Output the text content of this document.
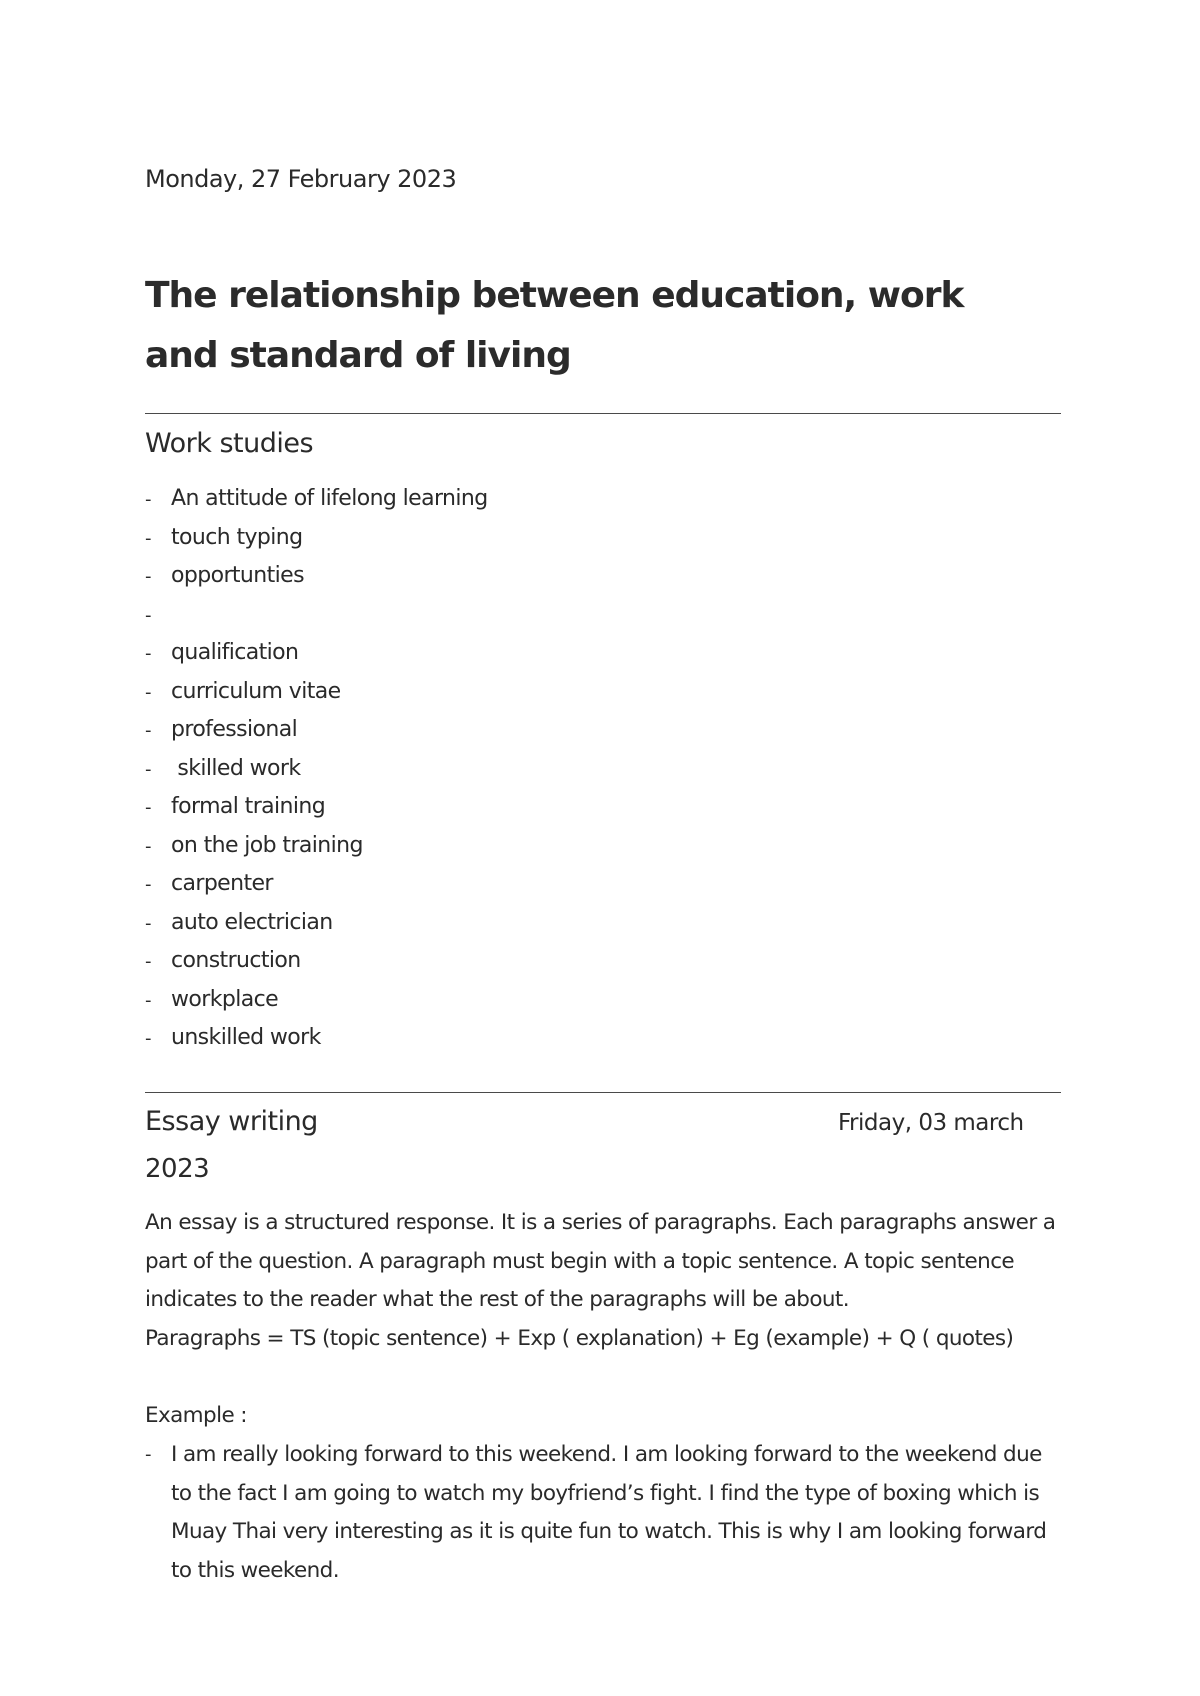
Monday, 27 February 2023
The relationship between education, work and standard of living
Work studies
- An attitude of lifelong learning
- touch typing
- opportunties
-
- qualification
- curriculum vitae
- professional
- skilled work
- formal training
- on the job training
- carpenter
- auto electrician
- construction
- workplace
- unskilled work
Essay writing	Friday, 03 march
2023

An essay is a structured response. It is a series of paragraphs. Each paragraphs answer a part of the question. A paragraph must begin with a topic sentence. A topic sentence indicates to the reader what the rest of the paragraphs will be about.

Paragraphs = TS (topic sentence) + Exp ( explanation) + Eg (example) + Q ( quotes)
Example :
- I am really looking forward to this weekend. I am looking forward to the weekend due to the fact I am going to watch my boyfriend’s fight. I find the type of boxing which is Muay Thai very interesting as it is quite fun to watch. This is why I am looking forward to this weekend.
